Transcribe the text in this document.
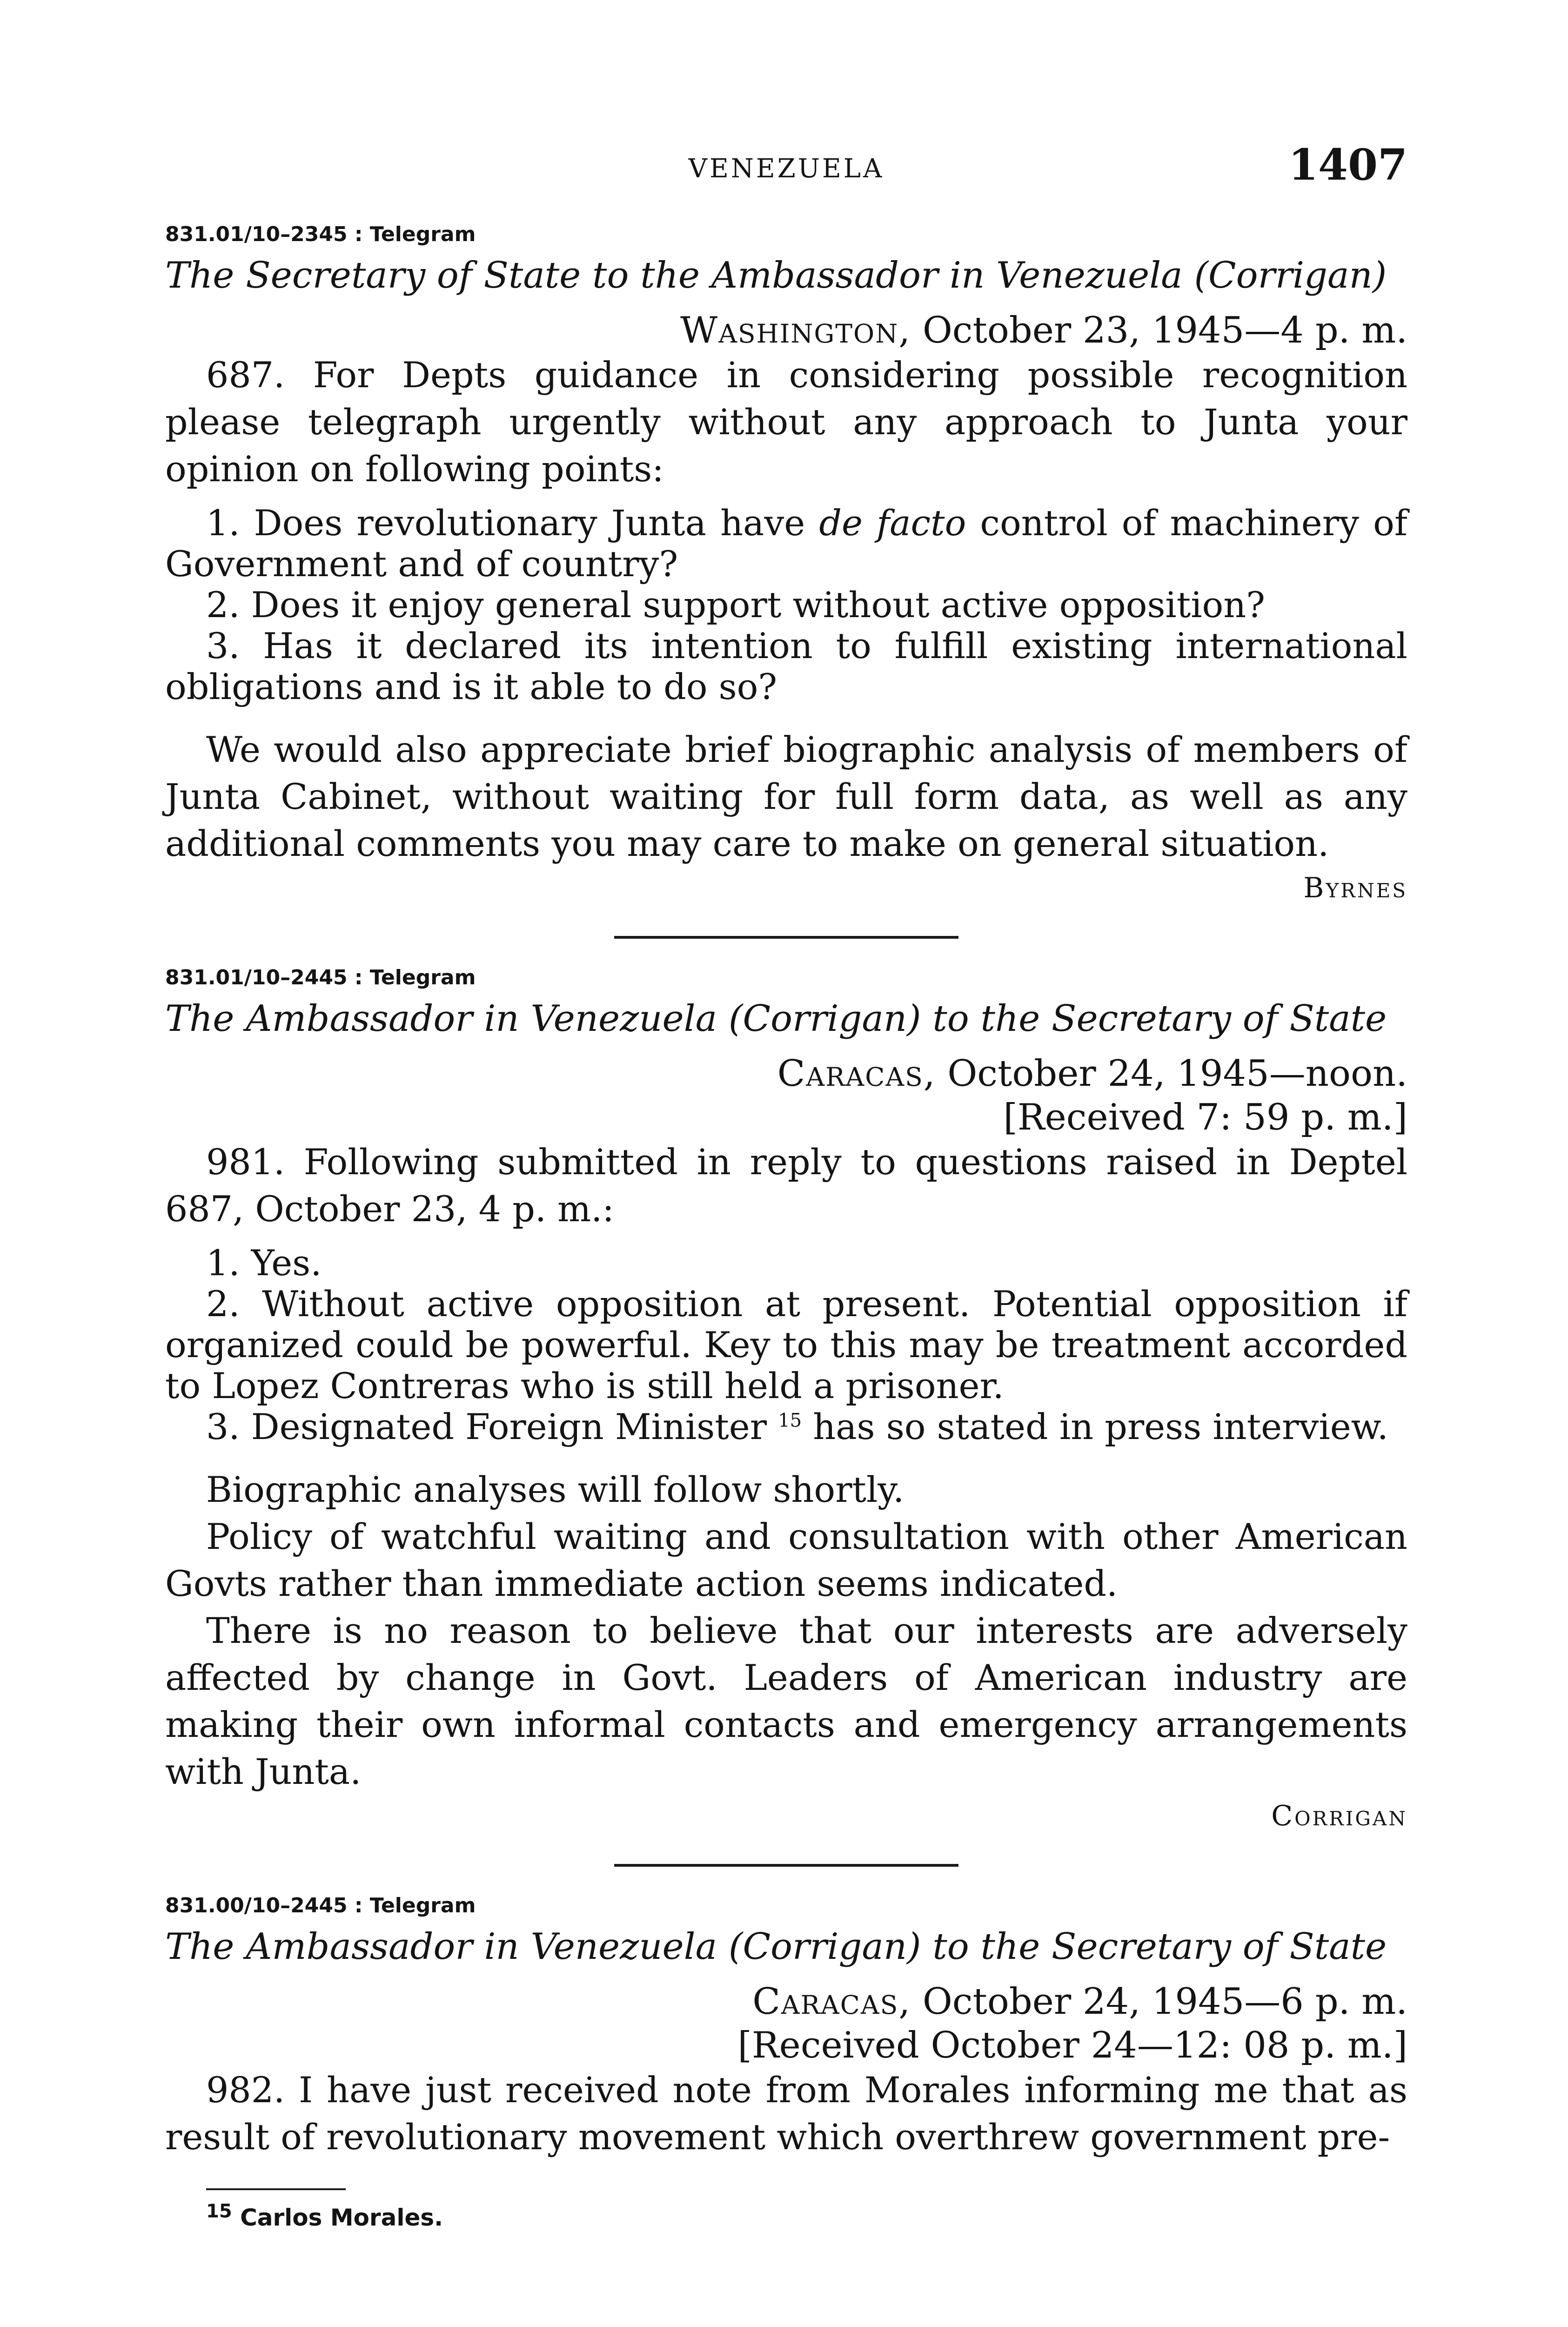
VENEZUELA	1407
831.01/10–2345 : Telegram
The Secretary of State to the Ambassador in Venezuela (Corrigan)
Washington, October 23, 1945—4 p. m.

687. For Depts guidance in considering possible recognition please telegraph urgently without any approach to Junta your opinion on following points:

1. Does revolutionary Junta have de facto control of machinery of Government and of country?

2. Does it enjoy general support without active opposition?

3. Has it declared its intention to fulfill existing international obligations and is it able to do so?

We would also appreciate brief biographic analysis of members of Junta Cabinet, without waiting for full form data, as well as any additional comments you may care to make on general situation.

Byrnes
831.01/10–2445 : Telegram
The Ambassador in Venezuela (Corrigan) to the Secretary of State
Caracas, October 24, 1945—noon.
[Received 7: 59 p. m.]

981. Following submitted in reply to questions raised in Deptel 687, October 23, 4 p. m.:

1. Yes.

2. Without active opposition at present. Potential opposition if organized could be powerful. Key to this may be treatment accorded to Lopez Contreras who is still held a prisoner.

3. Designated Foreign Minister $^{15}$ has so stated in press interview.

Biographic analyses will follow shortly.

Policy of watchful waiting and consultation with other American Govts rather than immediate action seems indicated.

There is no reason to believe that our interests are adversely affected by change in Govt. Leaders of American industry are making their own informal contacts and emergency arrangements with Junta.

Corrigan
831.00/10–2445 : Telegram
The Ambassador in Venezuela (Corrigan) to the Secretary of State
Caracas, October 24, 1945—6 p. m.
[Received October 24—12: 08 p. m.]

982. I have just received note from Morales informing me that as result of revolutionary movement which overthrew government pre-

$^{15}$ Carlos Morales.
